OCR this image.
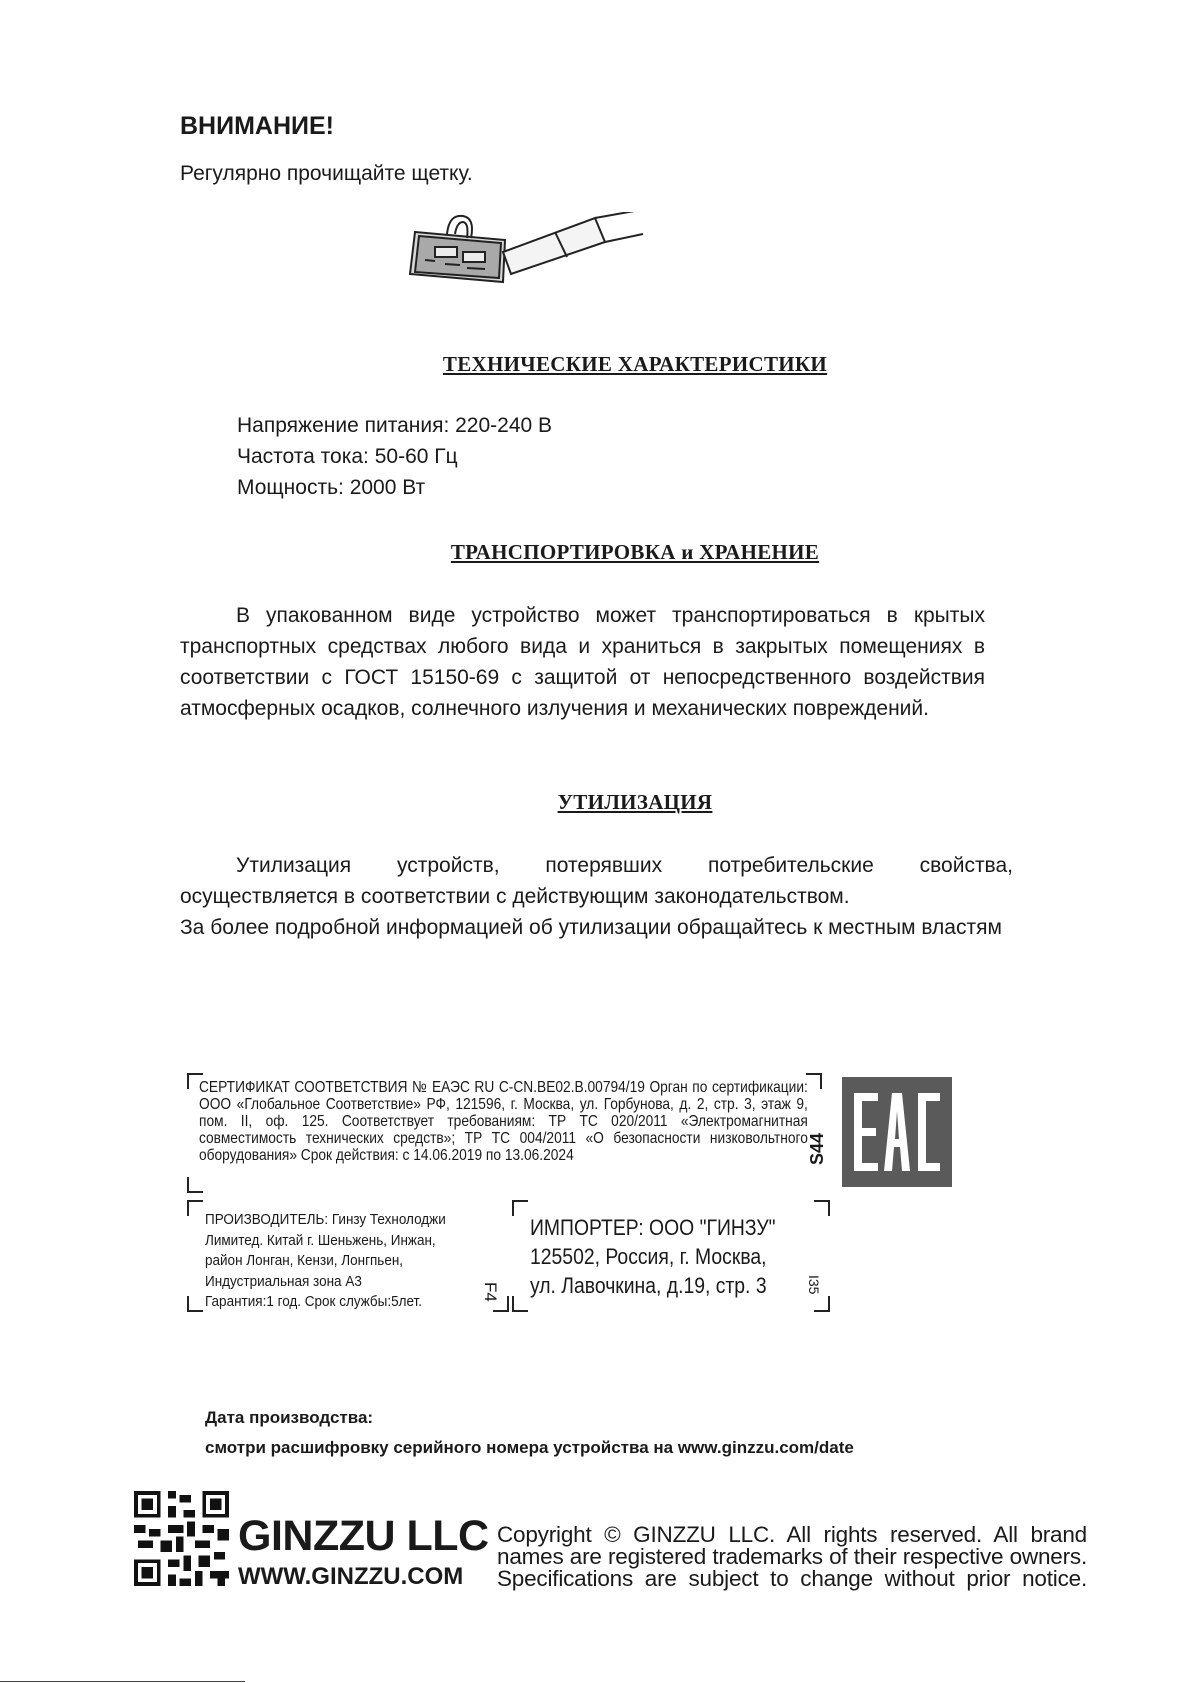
ВНИМАНИЕ!
Регулярно прочищайте щетку.
ТЕХНИЧЕСКИЕ ХАРАКТЕРИСТИКИ
Напряжение питания: 220-240 В
Частота тока: 50-60 Гц
Мощность: 2000 Вт
ТРАНСПОРТИРОВКА и ХРАНЕНИЕ
В упакованном виде устройство может транспортироваться в крытых транспортных средствах любого вида и храниться в закрытых помещениях в соответствии с ГОСТ 15150-69 с защитой от непосредственного воздействия атмосферных осадков, солнечного излучения и механических повреждений.
УТИЛИЗАЦИЯ
Утилизация устройств, потерявших потребительские свойства, осуществляется в соответствии с действующим законодательством.
За более подробной информацией об утилизации обращайтесь к местным властям
СЕРТИФИКАТ СООТВЕТСТВИЯ № ЕАЭС RU C-CN.BE02.B.00794/19 Орган по сертификации: ООО «Глобальное Соответствие» РФ, 121596, г. Москва, ул. Горбунова, д. 2, стр. 3, этаж 9, пом. II, оф. 125. Соответствует требованиям: ТР ТС 020/2011 «Электромагнитная совместимость технических средств»; ТР ТС 004/2011 «О безопасности низковольтного оборудования» Срок действия: с 14.06.2019 по 13.06.2024	S44
ПРОИЗВОДИТЕЛЬ: Гинзу Технолоджи
Лимитед. Китай г. Шеньжень, Инжан,
район Лонган, Кензи, Лонгпьен,
Индустриальная зона А3
Гарантия:1 год. Срок службы:5лет.	F4
ИМПОРТЕР: ООО "ГИНЗУ"
125502, Россия, г. Москва,
ул. Лавочкина, д.19, стр. 3	I35
Дата производства:
смотри расшифровку серийного номера устройства на www.ginzzu.com/date
GINZZU LLC
WWW.GINZZU.COM
Copyright © GINZZU LLC. All rights reserved. All brand
names are registered trademarks of their respective owners.
Specifications are subject to change without prior notice.
